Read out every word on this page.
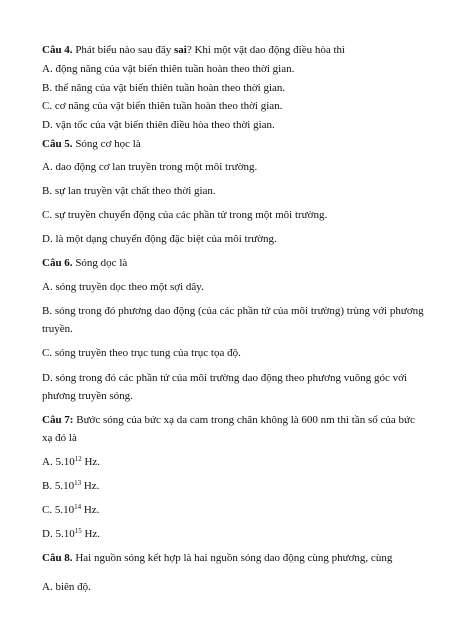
Câu 4. Phát biểu nào sau đây sai? Khi một vật dao động điều hòa thì
A. động năng của vật biến thiên tuần hoàn theo thời gian.
B. thế năng của vật biến thiên tuần hoàn theo thời gian.
C. cơ năng của vật biến thiên tuần hoàn theo thời gian.
D. vận tốc của vật biến thiên điều hòa theo thời gian.
Câu 5. Sóng cơ học là
A. dao động cơ lan truyền trong một môi trường.
B. sự lan truyền vật chất theo thời gian.
C. sự truyền chuyển động của các phần tử trong một môi trường.
D. là một dạng chuyển động đặc biệt của môi trường.
Câu 6. Sóng dọc là
A. sóng truyền dọc theo một sợi dây.
B. sóng trong đó phương dao động (của các phần tử của môi trường) trùng với phương
truyền.
C. sóng truyền theo trục tung của trục tọa độ.
D. sóng trong đó các phần tử của môi trường dao động theo phương vuông góc với
phương truyền sóng.
Câu 7: Bước sóng của bức xạ da cam trong chân không là 600 nm thì tần số của bức
xạ đó là
A. 5.10$^{12}$ Hz.
B. 5.10$^{13}$ Hz.
C. 5.10$^{14}$ Hz.
D. 5.10$^{15}$ Hz.
Câu 8. Hai nguồn sóng kết hợp là hai nguồn sóng dao động cùng phương, cùng
A. biên độ.
